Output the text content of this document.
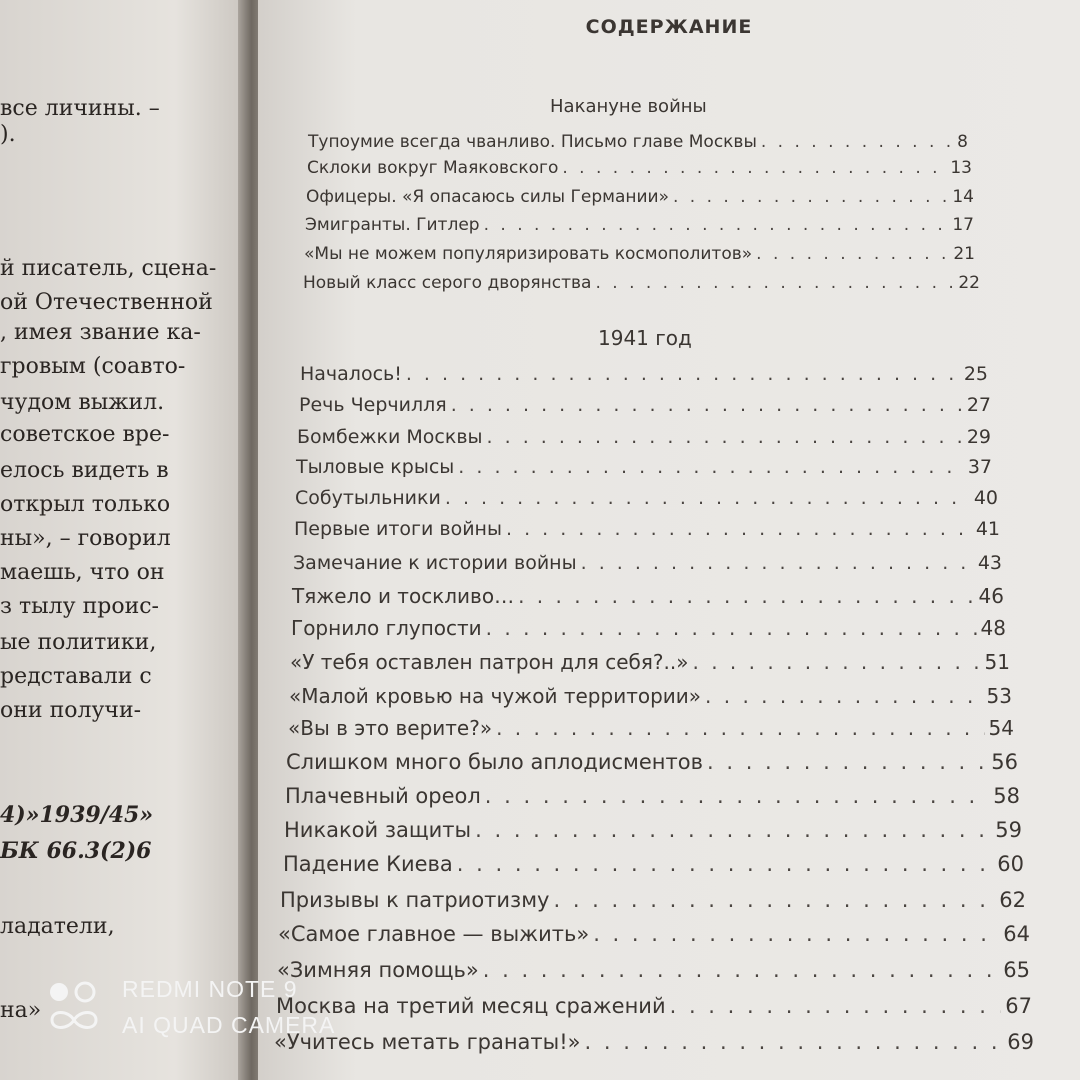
все личины. –
).
й писатель, сцена-
ой Отечественной
, имея звание ка-
гровым (соавто-
чудом выжил.
советское вре-
елось видеть в
открыл только
ны», – говорил
маешь, что он
з тылу проис-
ые политики,
редставали с
они получи-
4)»1939/45»
БК 66.3(2)6
ладатели,
на»
СОДЕРЖАНИЕ
Накануне войны
Тупоумие всегда чванливо. Письмо главе Москвы . . .	8
Склоки вокруг Маяковского . . .	13
Офицеры. «Я опасаюсь силы Германии» . . .	14
Эмигранты. Гитлер . . .	17
«Мы не можем популяризировать космополитов» . . .	21
Новый класс серого дворянства . . .	22
1941 год
Началось! . . .	25
Речь Черчилля . . .	27
Бомбежки Москвы . . .	29
Тыловые крысы . . .	37
Собутыльники . . .	40
Первые итоги войны . . .	41
Замечание к истории войны . . .	43
Тяжело и тоскливо… . . .	46
Горнило глупости . . .	48
«У тебя оставлен патрон для себя?..» . . .	51
«Малой кровью на чужой территории» . . .	53
«Вы в это верите?» . . .	54
Слишком много было аплодисментов . . .	56
Плачевный ореол . . .	58
Никакой защиты . . .	59
Падение Киева . . .	60
Призывы к патриотизму . . .	62
«Самое главное — выжить» . . .	64
«Зимняя помощь» . . .	65
Москва на третий месяц сражений . . .	67
«Учитесь метать гранаты!» . . .	69
REDMI NOTE 9
AI QUAD CAMERA
